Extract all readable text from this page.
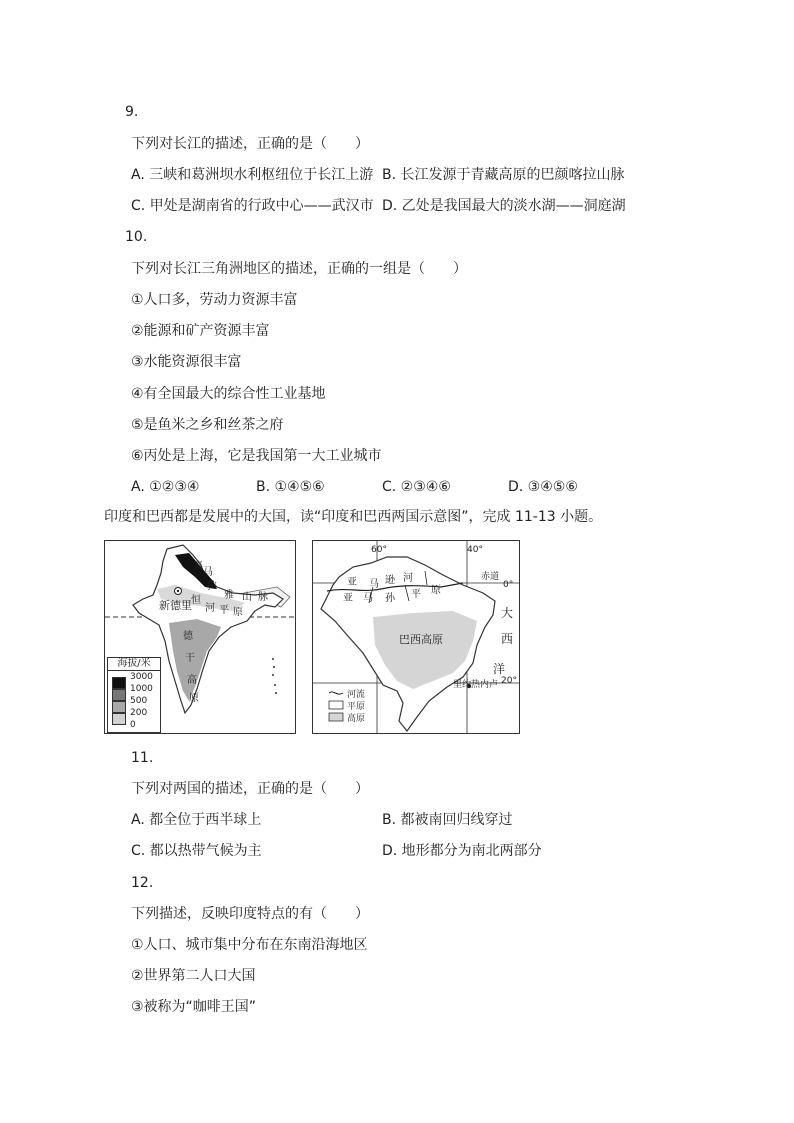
9.
下列对长江的描述，正确的是（　　）
A. 三峡和葛洲坝水利枢纽位于长江上游 B. 长江发源于青藏高原的巴颜喀拉山脉
C. 甲处是湖南省的行政中心——武汉市 D. 乙处是我国最大的淡水湖——洞庭湖
10.
下列对长江三角洲地区的描述，正确的一组是（　　）
①人口多，劳动力资源丰富
②能源和矿产资源丰富
③水能资源很丰富
④有全国最大的综合性工业基地
⑤是鱼米之乡和丝茶之府
⑥丙处是上海，它是我国第一大工业城市
A. ①②③④	B. ①④⑤⑥	C. ②③④⑥	D. ③④⑤⑥
印度和巴西都是发展中的大国，读“印度和巴西两国示意图”，完成 11-13 小题。
喜
马
拉
雅 山 脉
新德里 恒
河 平 原
德
干
高
原
海拔/米
3000
1000
500
200
0
60°	40°
赤道
0°
亚 马 逊 河
亚 马 孙 平 原
巴西高原
大
西
洋
里约热内卢 20°
河流
平原
高原
11.
下列对两国的描述，正确的是（　　）
A. 都全位于西半球上	B. 都被南回归线穿过
C. 都以热带气候为主	D. 地形都分为南北两部分
12.
下列描述，反映印度特点的有（　　）
①人口、城市集中分布在东南沿海地区
②世界第二人口大国
③被称为“咖啡王国”
